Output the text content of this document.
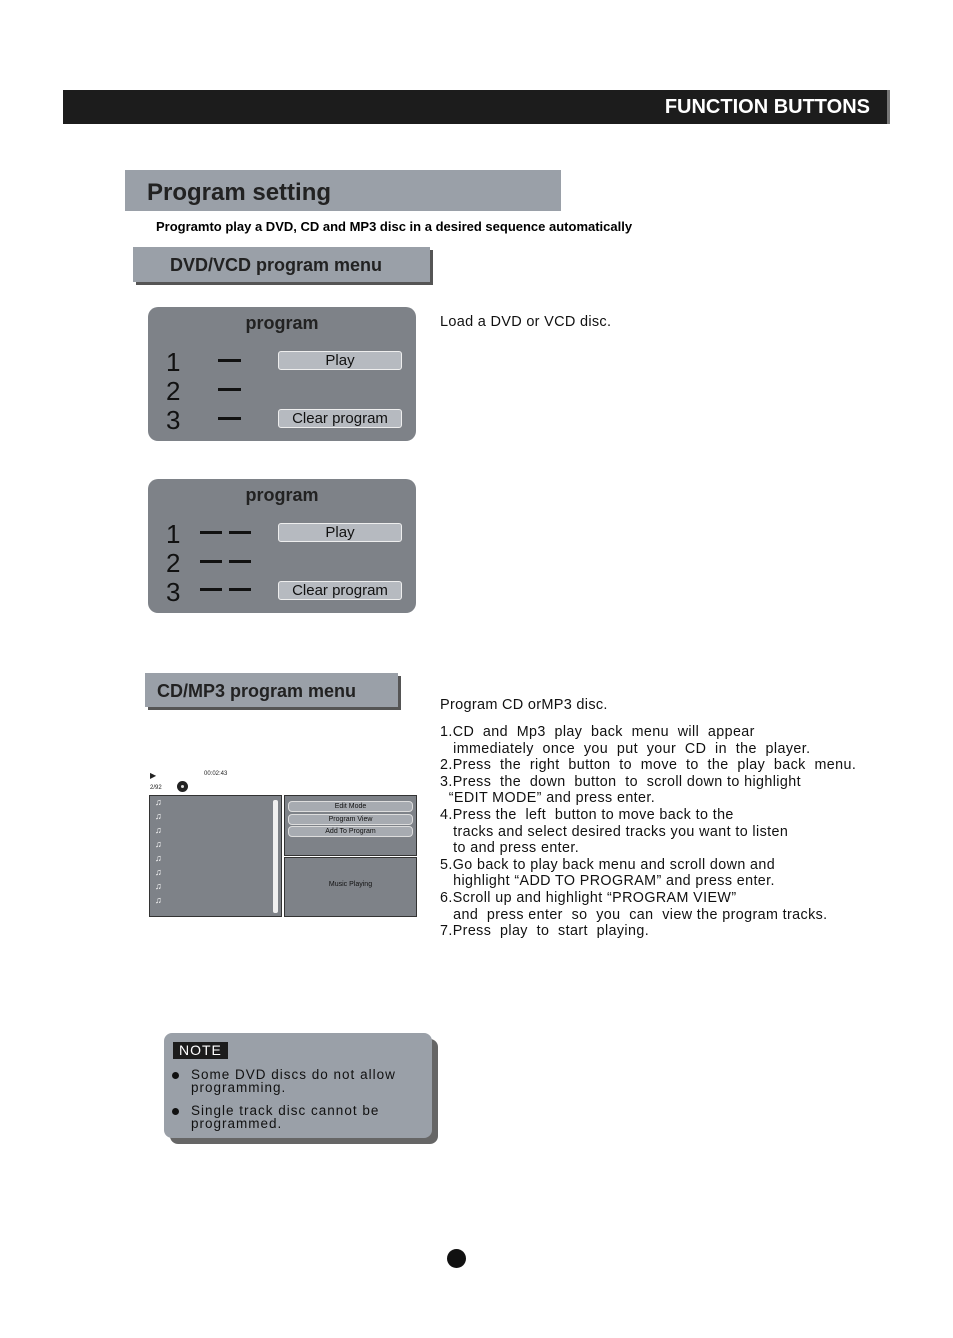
FUNCTION BUTTONS
Program setting
Programto play a DVD, CD and MP3 disc in a desired sequence automatically
DVD/VCD program menu
program
1
2
3
Play
Clear program
Load a DVD or VCD disc.
program
1
2
3
Play
Clear program
CD/MP3 program menu
Program CD orMP3 disc.
1.CD  and  Mp3  play  back  menu  will  appear
immediately  once  you  put  your  CD  in  the  player.
2.Press  the  right  button  to  move  to  the  play  back  menu.
3.Press  the  down  button  to  scroll down to highlight
“EDIT MODE” and press enter.
4.Press the  left  button to move back to the
tracks and select desired tracks you want to listen
to and press enter.
5.Go back to play back menu and scroll down and
highlight “ADD TO PROGRAM” and press enter.
6.Scroll up and highlight “PROGRAM VIEW”
and  press enter  so  you  can  view the program tracks.
7.Press  play  to  start  playing.
▶	00:02:43
2/92
♫
♫
♫
♫
♫
♫
♫
♫
Edit Mode
Program View
Add To Program
Music Playing
NOTE
Some DVD discs do not allow
programming.
Single track disc cannot be
programmed.
